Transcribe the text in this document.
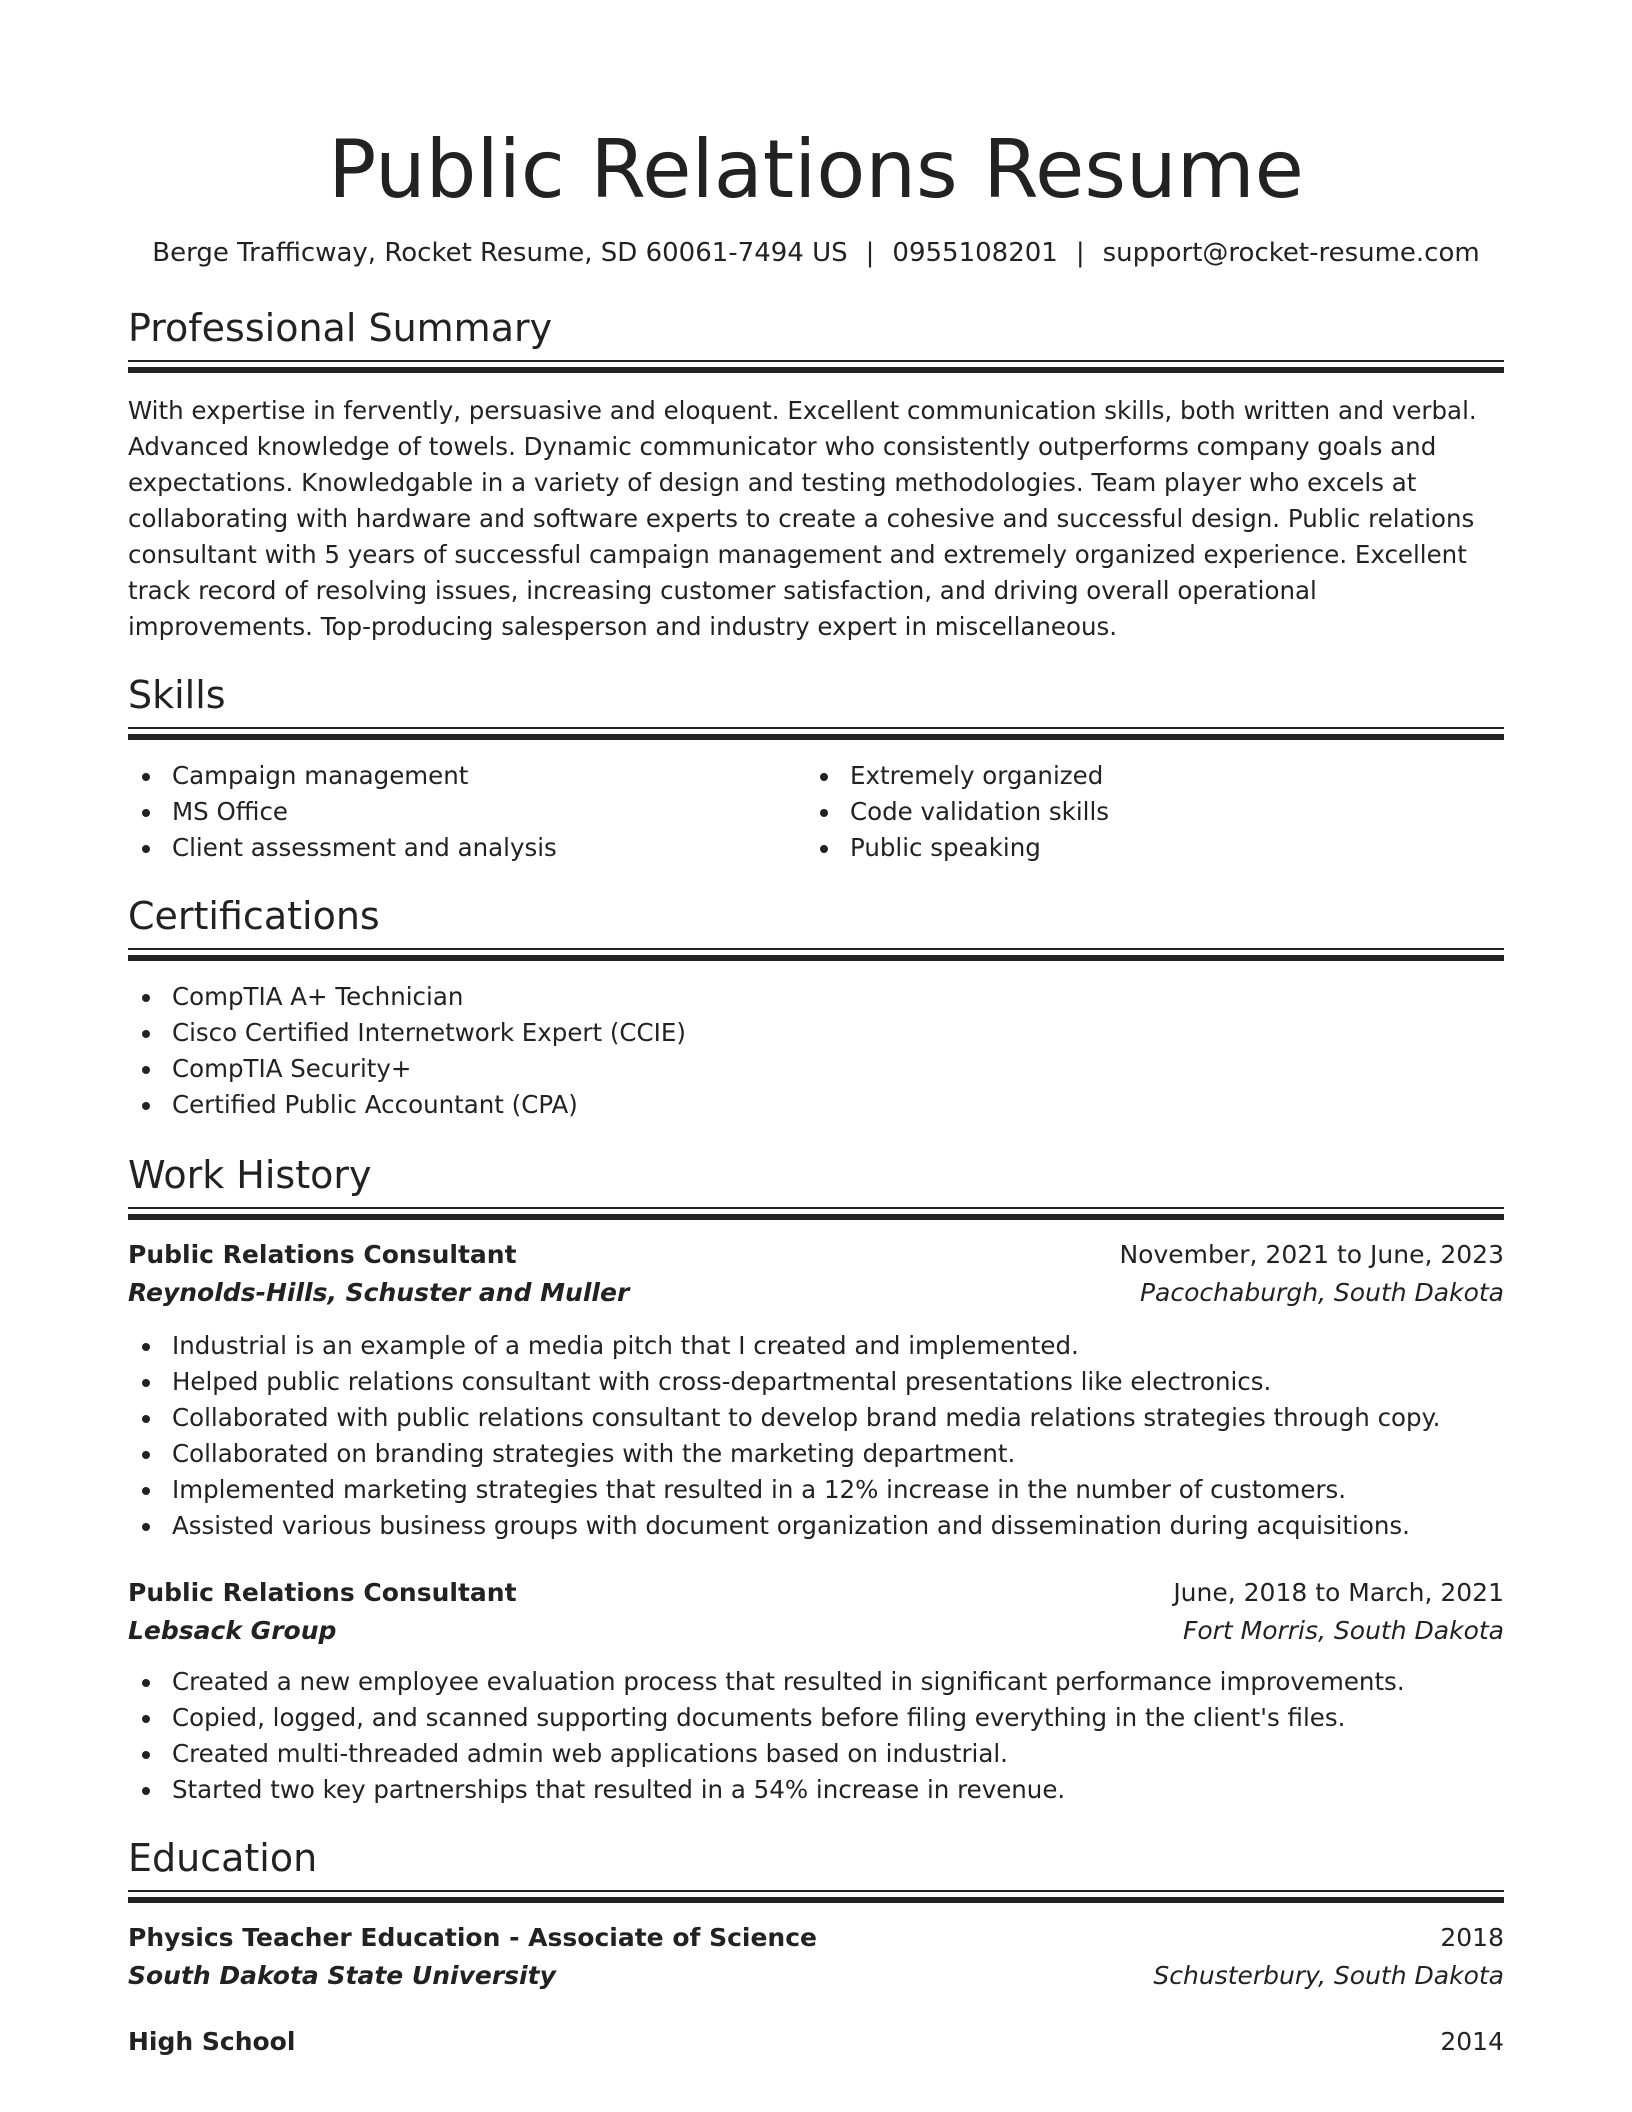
Public Relations Resume
Berge Trafficway, Rocket Resume, SD 60061-7494 US | 0955108201 | support@rocket-resume.com
Professional Summary

With expertise in fervently, persuasive and eloquent. Excellent communication skills, both written and verbal. Advanced knowledge of towels. Dynamic communicator who consistently outperforms company goals and expectations. Knowledgable in a variety of design and testing methodologies. Team player who excels at collaborating with hardware and software experts to create a cohesive and successful design. Public relations consultant with 5 years of successful campaign management and extremely organized experience. Excellent track record of resolving issues, increasing customer satisfaction, and driving overall operational improvements. Top-producing salesperson and industry expert in miscellaneous.

Skills
Campaign management
MS Office
Client assessment and analysis
Extremely organized
Code validation skills
Public speaking
Certifications
CompTIA A+ Technician
Cisco Certified Internetwork Expert (CCIE)
CompTIA Security+
Certified Public Accountant (CPA)
Work History
Public Relations Consultant	November, 2021 to June, 2023
Reynolds-Hills, Schuster and Muller	Pacochaburgh, South Dakota
Industrial is an example of a media pitch that I created and implemented.
Helped public relations consultant with cross-departmental presentations like electronics.
Collaborated with public relations consultant to develop brand media relations strategies through copy.
Collaborated on branding strategies with the marketing department.
Implemented marketing strategies that resulted in a 12% increase in the number of customers.
Assisted various business groups with document organization and dissemination during acquisitions.
Public Relations Consultant	June, 2018 to March, 2021
Lebsack Group	Fort Morris, South Dakota
Created a new employee evaluation process that resulted in significant performance improvements.
Copied, logged, and scanned supporting documents before filing everything in the client's files.
Created multi-threaded admin web applications based on industrial.
Started two key partnerships that resulted in a 54% increase in revenue.
Education
Physics Teacher Education - Associate of Science	2018
South Dakota State University	Schusterbury, South Dakota
High School	2014
